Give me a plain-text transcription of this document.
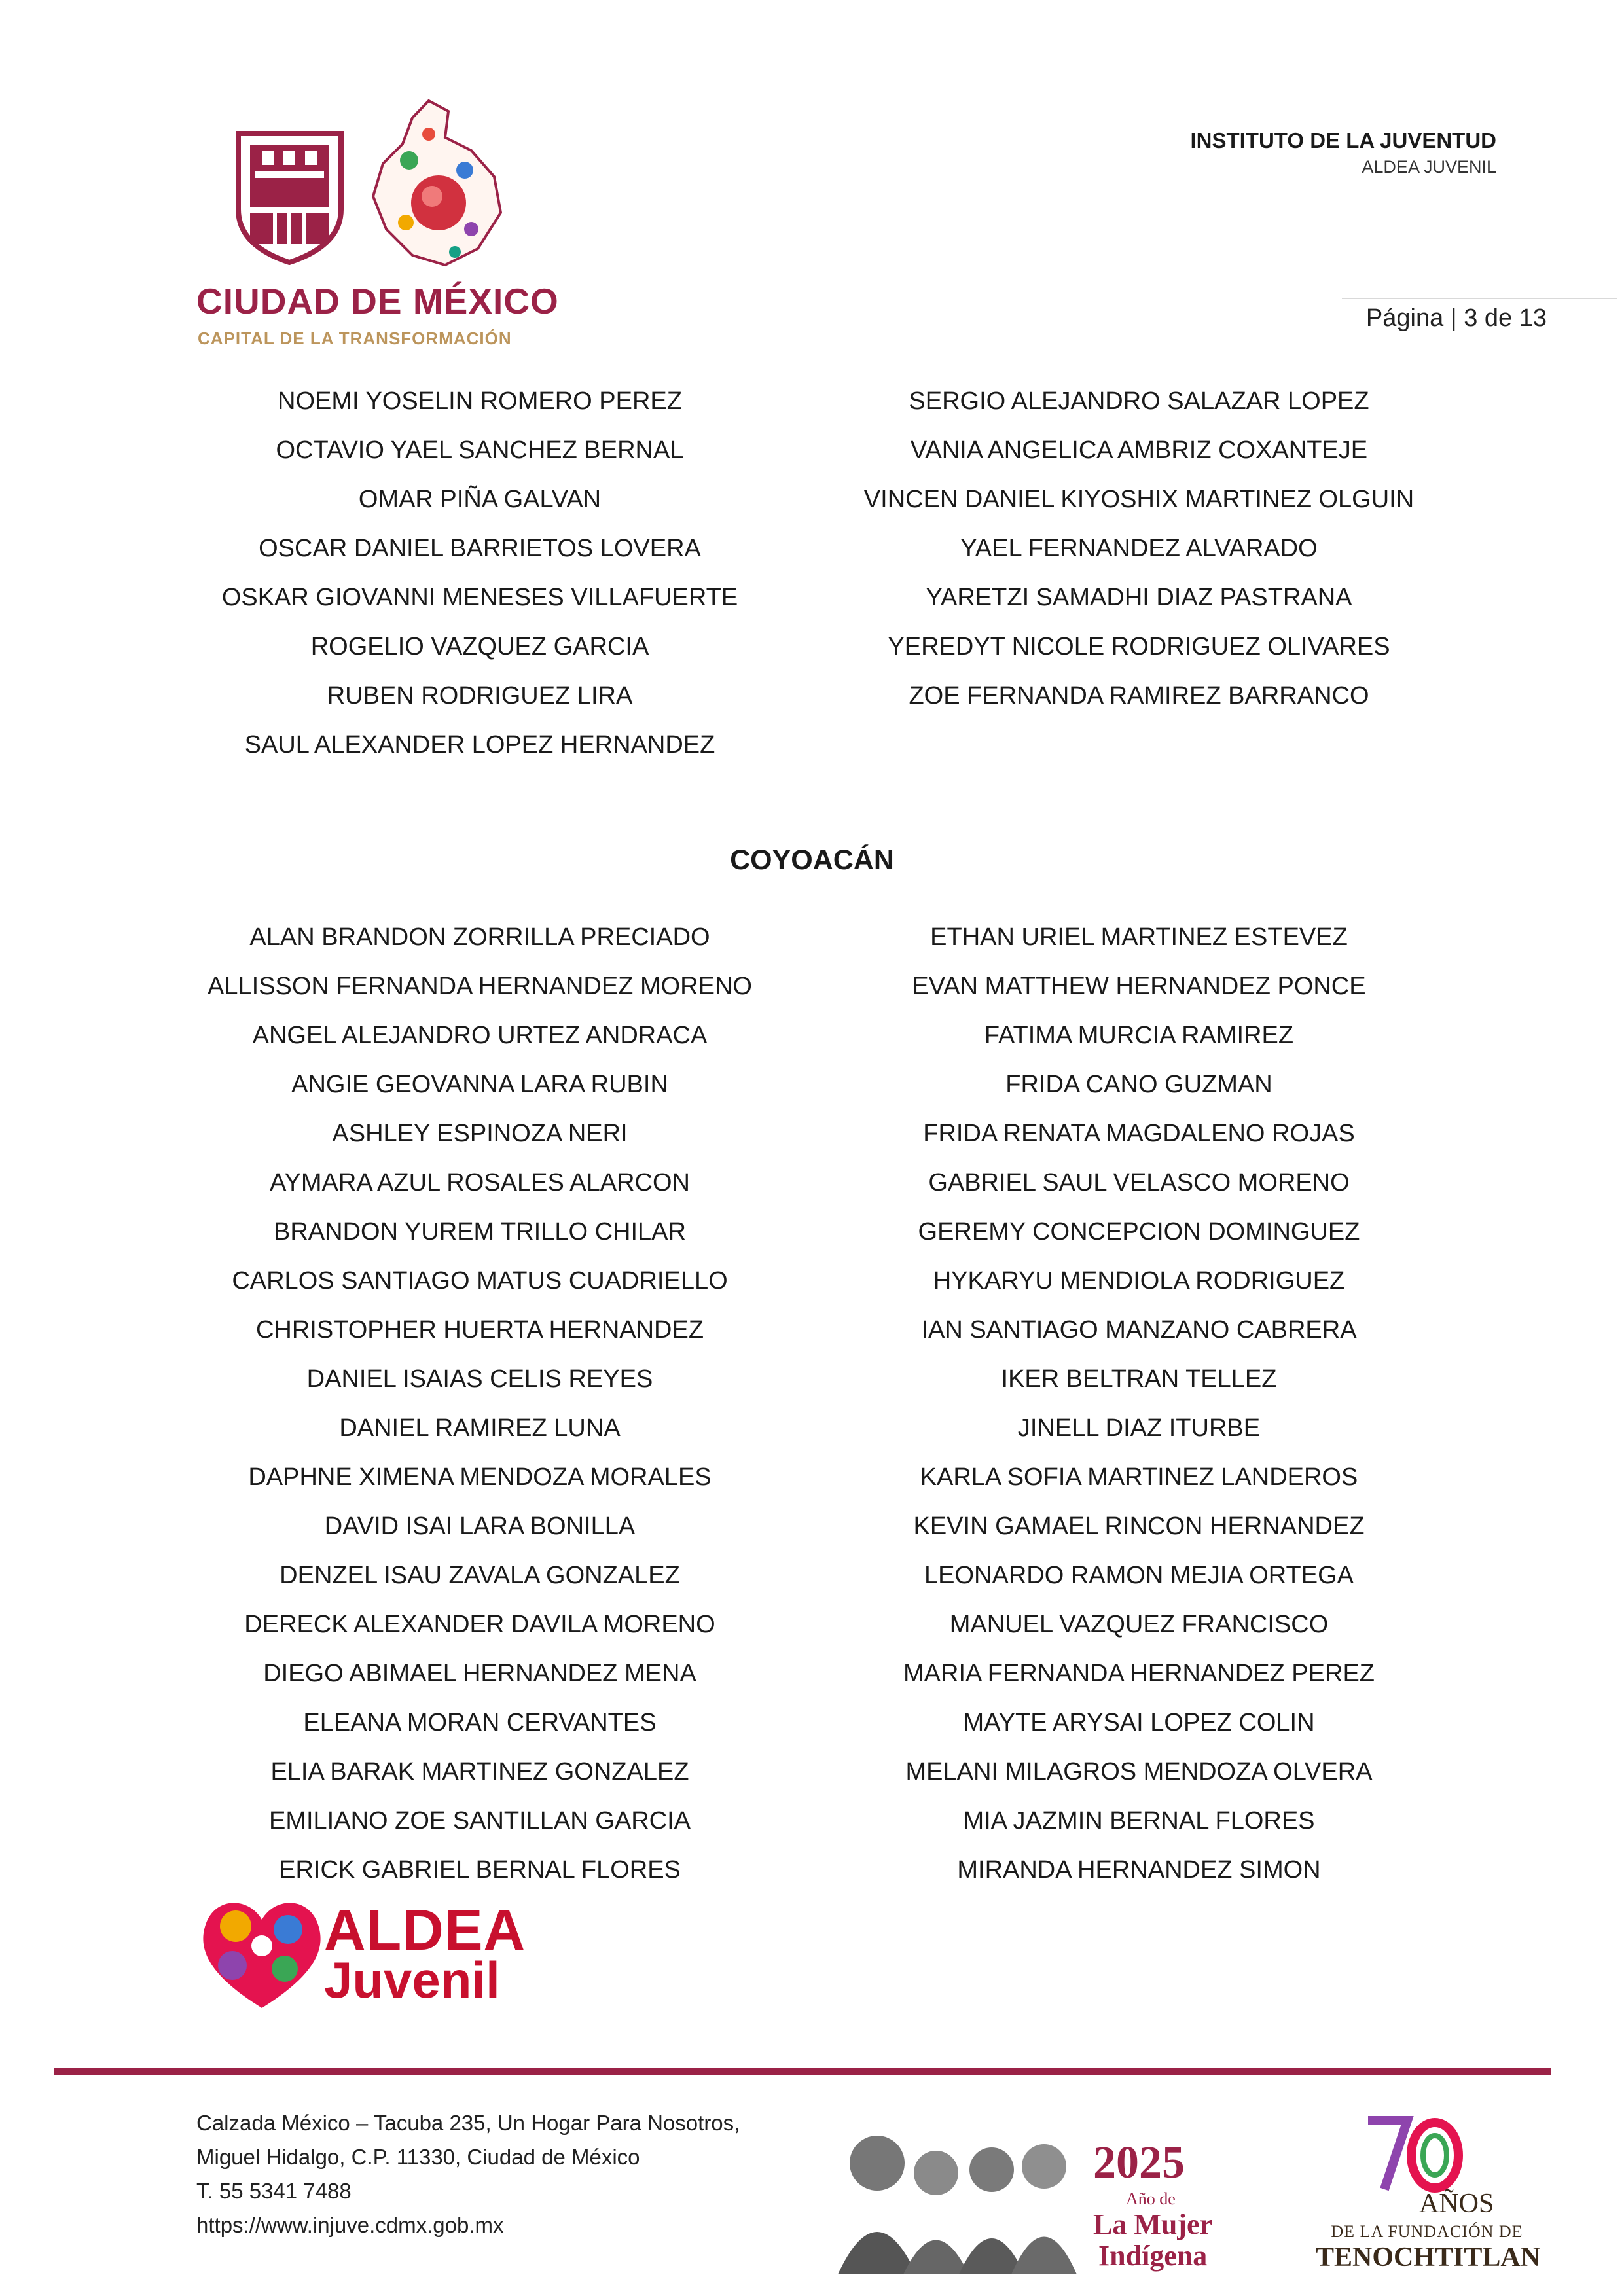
CIUDAD DE MÉXICO
CAPITAL DE LA TRANSFORMACIÓN
INSTITUTO DE LA JUVENTUD
ALDEA JUVENIL
Página | 3 de 13
NOEMI YOSELIN ROMERO PEREZ
OCTAVIO YAEL SANCHEZ BERNAL
OMAR PIÑA GALVAN
OSCAR DANIEL BARRIETOS LOVERA
OSKAR GIOVANNI MENESES VILLAFUERTE
ROGELIO VAZQUEZ GARCIA
RUBEN RODRIGUEZ LIRA
SAUL ALEXANDER LOPEZ HERNANDEZ
SERGIO ALEJANDRO SALAZAR LOPEZ
VANIA ANGELICA AMBRIZ COXANTEJE
VINCEN DANIEL KIYOSHIX MARTINEZ OLGUIN
YAEL FERNANDEZ ALVARADO
YARETZI SAMADHI DIAZ PASTRANA
YEREDYT NICOLE RODRIGUEZ OLIVARES
ZOE FERNANDA RAMIREZ BARRANCO
COYOACÁN
ALAN BRANDON ZORRILLA PRECIADO
ALLISSON FERNANDA HERNANDEZ MORENO
ANGEL ALEJANDRO URTEZ ANDRACA
ANGIE GEOVANNA LARA RUBIN
ASHLEY ESPINOZA NERI
AYMARA AZUL ROSALES ALARCON
BRANDON YUREM TRILLO CHILAR
CARLOS SANTIAGO MATUS CUADRIELLO
CHRISTOPHER HUERTA HERNANDEZ
DANIEL ISAIAS CELIS REYES
DANIEL RAMIREZ LUNA
DAPHNE XIMENA MENDOZA MORALES
DAVID ISAI LARA BONILLA
DENZEL ISAU ZAVALA GONZALEZ
DERECK ALEXANDER DAVILA MORENO
DIEGO ABIMAEL HERNANDEZ MENA
ELEANA MORAN CERVANTES
ELIA BARAK MARTINEZ GONZALEZ
EMILIANO ZOE SANTILLAN GARCIA
ERICK GABRIEL BERNAL FLORES
ETHAN URIEL MARTINEZ ESTEVEZ
EVAN MATTHEW HERNANDEZ PONCE
FATIMA MURCIA RAMIREZ
FRIDA CANO GUZMAN
FRIDA RENATA MAGDALENO ROJAS
GABRIEL SAUL VELASCO MORENO
GEREMY CONCEPCION DOMINGUEZ
HYKARYU MENDIOLA RODRIGUEZ
IAN SANTIAGO MANZANO CABRERA
IKER BELTRAN TELLEZ
JINELL DIAZ ITURBE
KARLA SOFIA MARTINEZ LANDEROS
KEVIN GAMAEL RINCON HERNANDEZ
LEONARDO RAMON MEJIA ORTEGA
MANUEL VAZQUEZ FRANCISCO
MARIA FERNANDA HERNANDEZ PEREZ
MAYTE ARYSAI LOPEZ COLIN
MELANI MILAGROS MENDOZA OLVERA
MIA JAZMIN BERNAL FLORES
MIRANDA HERNANDEZ SIMON
ALDEA
Juvenil
Calzada México – Tacuba 235, Un Hogar Para Nosotros,
Miguel Hidalgo, C.P. 11330, Ciudad de México
T. 55 5341 7488
https://www.injuve.cdmx.gob.mx
2025
Año de
La Mujer
Indígena
AÑOS
DE LA FUNDACIÓN DE
TENOCHTITLAN
